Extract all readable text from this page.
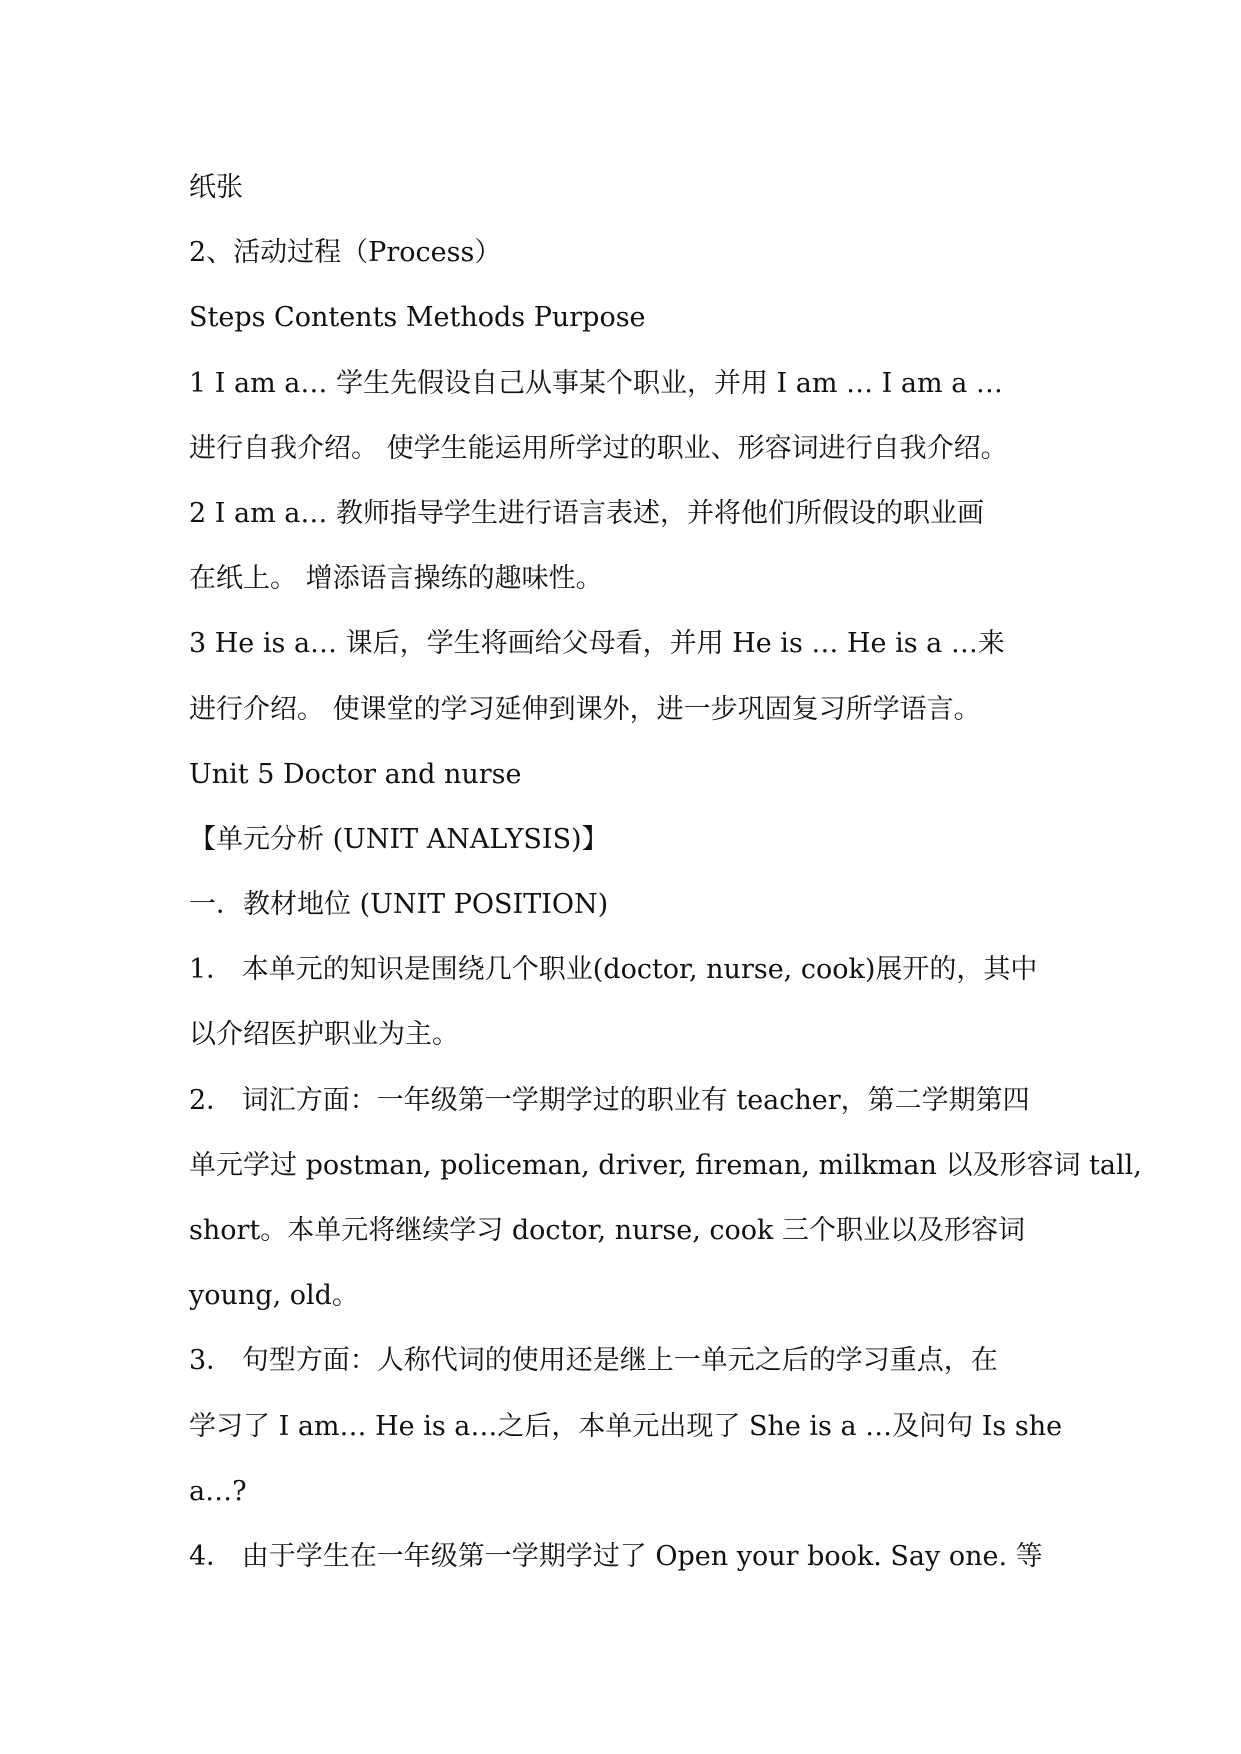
纸张

2、活动过程（Process）

Steps Contents Methods Purpose

1 I am a… 学生先假设自己从事某个职业，并用 I am … I am a …

进行自我介绍。 使学生能运用所学过的职业、形容词进行自我介绍。

2 I am a… 教师指导学生进行语言表述，并将他们所假设的职业画

在纸上。 增添语言操练的趣味性。

3 He is a… 课后，学生将画给父母看，并用 He is … He is a …来

进行介绍。 使课堂的学习延伸到课外，进一步巩固复习所学语言。

Unit 5 Doctor and nurse

【单元分析 (UNIT ANALYSIS)】

一．教材地位 (UNIT POSITION)

1． 本单元的知识是围绕几个职业(doctor, nurse, cook)展开的，其中

以介绍医护职业为主。

2． 词汇方面：一年级第一学期学过的职业有 teacher，第二学期第四

单元学过 postman, policeman, driver, fireman, milkman 以及形容词 tall,

short。本单元将继续学习 doctor, nurse, cook 三个职业以及形容词

young, old。

3． 句型方面：人称代词的使用还是继上一单元之后的学习重点，在

学习了 I am… He is a…之后，本单元出现了 She is a …及问句 Is she

a…?

4． 由于学生在一年级第一学期学过了 Open your book. Say one. 等
